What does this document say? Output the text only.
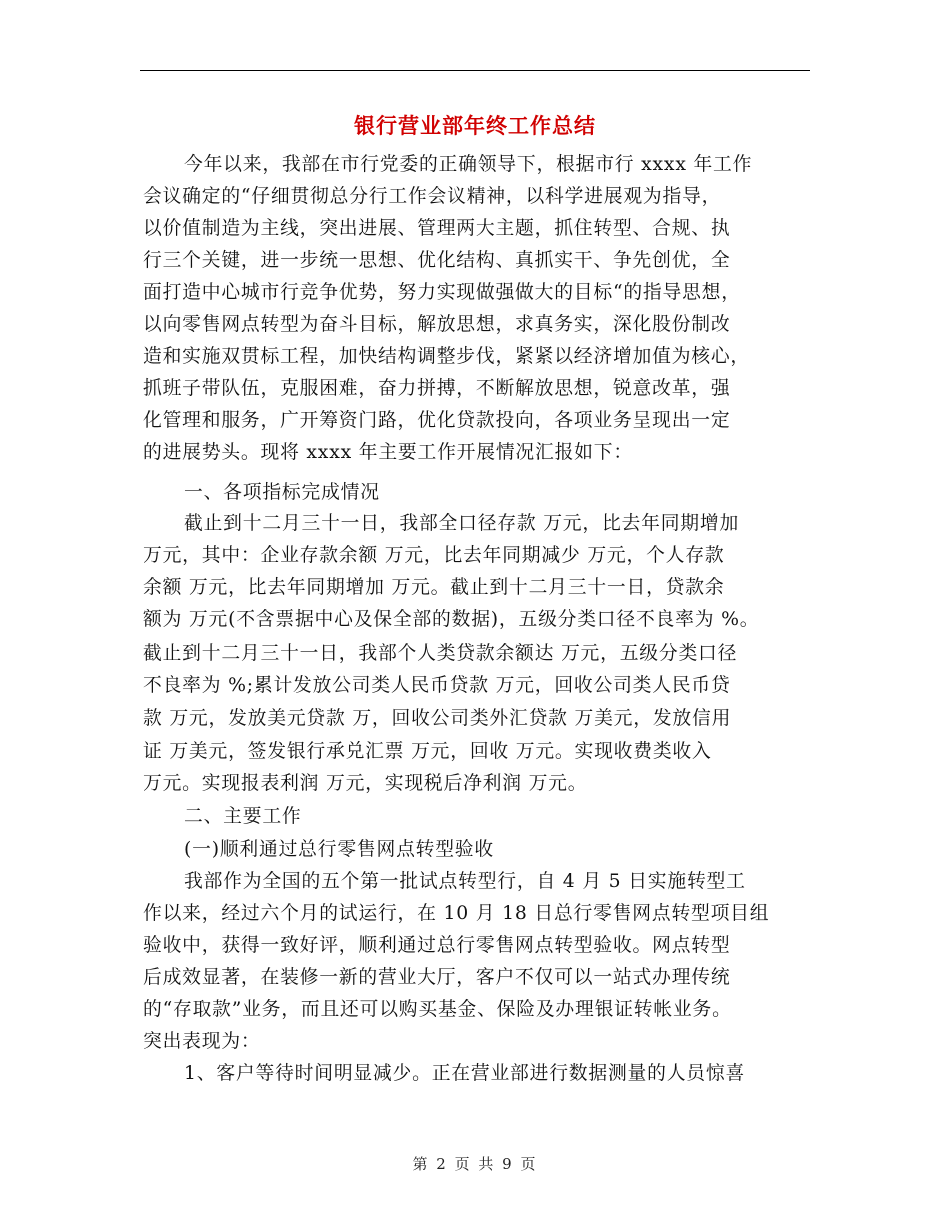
银行营业部年终工作总结
今年以来，我部在市行党委的正确领导下，根据市行 xxxx 年工作
会议确定的“仔细贯彻总分行工作会议精神，以科学进展观为指导，
以价值制造为主线，突出进展、管理两大主题，抓住转型、合规、执
行三个关键，进一步统一思想、优化结构、真抓实干、争先创优，全
面打造中心城市行竞争优势，努力实现做强做大的目标“的指导思想，
以向零售网点转型为奋斗目标，解放思想，求真务实，深化股份制改
造和实施双贯标工程，加快结构调整步伐，紧紧以经济增加值为核心，
抓班子带队伍，克服困难，奋力拼搏，不断解放思想，锐意改革，强
化管理和服务，广开筹资门路，优化贷款投向，各项业务呈现出一定
的进展势头。现将 xxxx 年主要工作开展情况汇报如下：
一、各项指标完成情况
截止到十二月三十一日，我部全口径存款 万元，比去年同期增加
万元，其中：企业存款余额 万元，比去年同期减少 万元，个人存款
余额 万元，比去年同期增加 万元。截止到十二月三十一日，贷款余
额为 万元(不含票据中心及保全部的数据)，五级分类口径不良率为 %。
截止到十二月三十一日，我部个人类贷款余额达 万元，五级分类口径
不良率为 %;累计发放公司类人民币贷款 万元，回收公司类人民币贷
款 万元，发放美元贷款 万，回收公司类外汇贷款 万美元，发放信用
证 万美元，签发银行承兑汇票 万元，回收 万元。实现收费类收入
万元。实现报表利润 万元，实现税后净利润 万元。
二、主要工作
(一)顺利通过总行零售网点转型验收
我部作为全国的五个第一批试点转型行，自 4 月 5 日实施转型工
作以来，经过六个月的试运行，在 10 月 18 日总行零售网点转型项目组
验收中，获得一致好评，顺利通过总行零售网点转型验收。网点转型
后成效显著，在装修一新的营业大厅，客户不仅可以一站式办理传统
的“存取款”业务，而且还可以购买基金、保险及办理银证转帐业务。
突出表现为：
1、客户等待时间明显减少。正在营业部进行数据测量的人员惊喜
第 2 页 共 9 页
